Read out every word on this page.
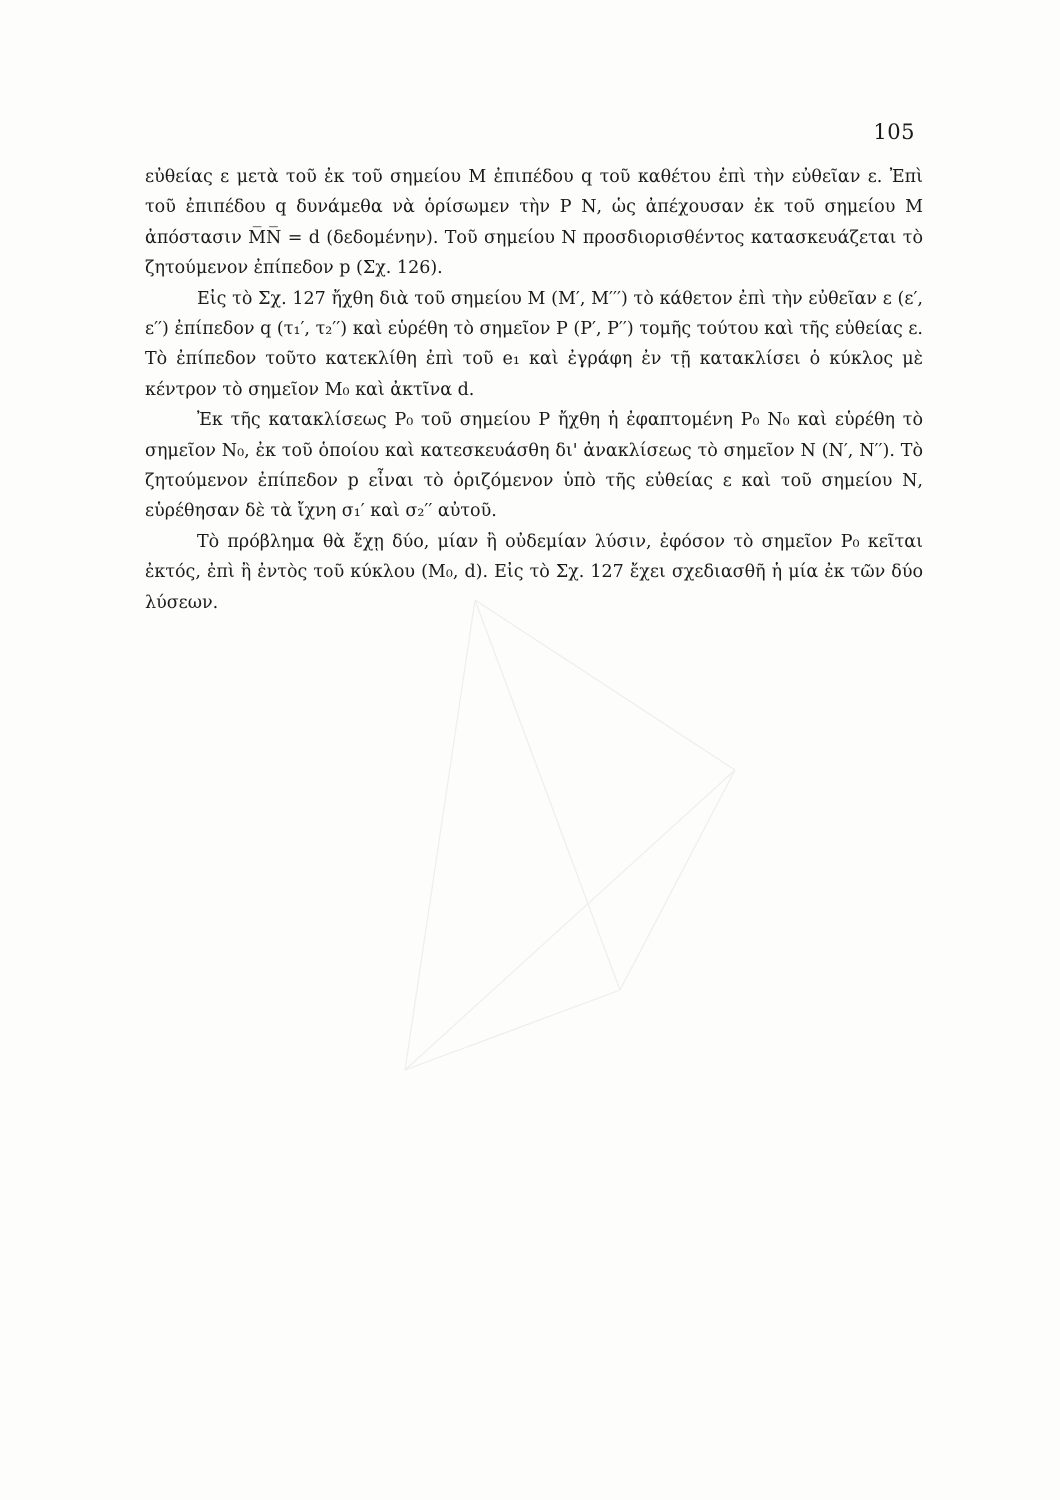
105

εὐθείας ε μετὰ τοῦ ἐκ τοῦ σημείου Μ ἐπιπέδου q τοῦ καθέτου ἐπὶ τὴν εὐθεῖαν ε. Ἐπὶ τοῦ ἐπιπέδου q δυνάμεθα νὰ ὁρίσωμεν τὴν Ρ Ν, ὡς ἀπέχουσαν ἐκ τοῦ σημείου Μ ἀπόστασιν M̅N̅ = d (δεδομένην). Τοῦ σημείου Ν προσδιορισθέντος κατασκευάζεται τὸ ζητούμενον ἐπίπεδον p (Σχ. 126).

Εἰς τὸ Σχ. 127 ἤχθη διὰ τοῦ σημείου Μ (Μ′, Μ′′′) τὸ κάθετον ἐπὶ τὴν εὐθεῖαν ε (ε′, ε′′) ἐπίπεδον q (τ₁′, τ₂′′) καὶ εὑρέθη τὸ σημεῖον Ρ (Ρ′, Ρ′′) τομῆς τούτου καὶ τῆς εὐθείας ε. Τὸ ἐπίπεδον τοῦτο κατεκλίθη ἐπὶ τοῦ e₁ καὶ ἐγράφη ἐν τῇ κατακλίσει ὁ κύκλος μὲ κέντρον τὸ σημεῖον Μ₀ καὶ ἀκτῖνα d.

Ἐκ τῆς κατακλίσεως Ρ₀ τοῦ σημείου Ρ ἤχθη ἡ ἐφαπτομένη Ρ₀ Ν₀ καὶ εὑρέθη τὸ σημεῖον Ν₀, ἐκ τοῦ ὁποίου καὶ κατεσκευάσθη δι' ἀνακλίσεως τὸ σημεῖον Ν (Ν′, Ν′′). Τὸ ζητούμενον ἐπίπεδον p εἶναι τὸ ὁριζόμενον ὑπὸ τῆς εὐθείας ε καὶ τοῦ σημείου Ν, εὑρέθησαν δὲ τὰ ἴχνη σ₁′ καὶ σ₂′′ αὐτοῦ.

Τὸ πρόβλημα θὰ ἔχῃ δύο, μίαν ἢ οὐδεμίαν λύσιν, ἐφόσον τὸ σημεῖον Ρ₀ κεῖται ἐκτός, ἐπὶ ἢ ἐντὸς τοῦ κύκλου (Μ₀, d). Εἰς τὸ Σχ. 127 ἔχει σχεδιασθῆ ἡ μία ἐκ τῶν δύο λύσεων.
